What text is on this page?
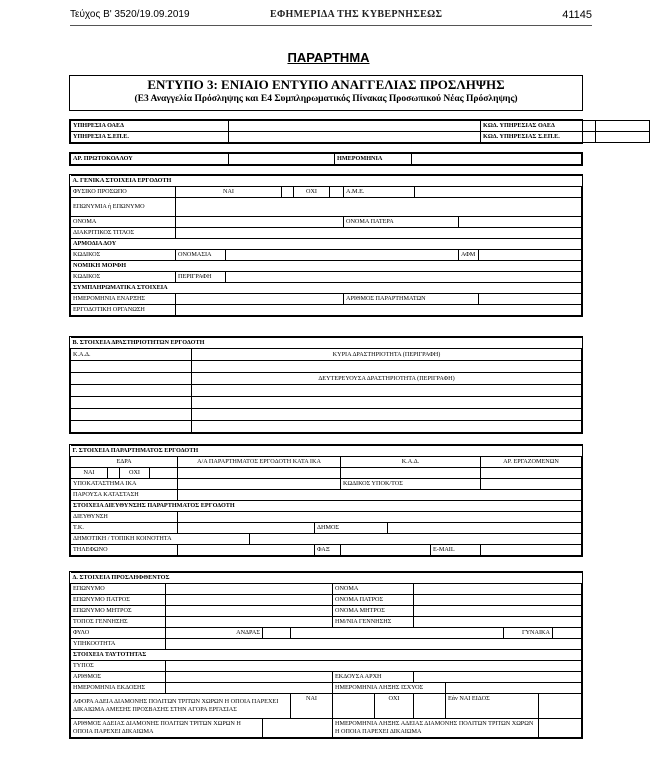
Τεύχος Β' 3520/19.09.2019	ΕΦΗΜΕΡΙΔΑ ΤΗΣ ΚΥΒΕΡΝΗΣΕΩΣ	41145
ΠΑΡΑΡΤΗΜΑ
ΕΝΤΥΠΟ 3: ΕΝΙΑΙΟ ΕΝΤΥΠΟ ΑΝΑΓΓΕΛΙΑΣ ΠΡΟΣΛΗΨΗΣ
(Ε3 Αναγγελία Πρόσληψης και Ε4 Συμπληρωματικός Πίνακας Προσωπικού Νέας Πρόσληψης)
ΥΠΗΡΕΣΙΑ ΟΑΕΔ		ΚΩΔ. ΥΠΗΡΕΣΙΑΣ ΟΑΕΔ	
ΥΠΗΡΕΣΙΑ Σ.ΕΠ.Ε.		ΚΩΔ. ΥΠΗΡΕΣΙΑΣ Σ.ΕΠ.Ε.	
ΑΡ. ΠΡΩΤΟΚΟΛΛΟΥ		ΗΜΕΡΟΜΗΝΙΑ	
Α. ΓΕΝΙΚΑ ΣΤΟΙΧΕΙΑ ΕΡΓΟΔΟΤΗ									
ΦΥΣΙΚΟ ΠΡΟΣΩΠΟ	ΝΑΙ			ΟΧΙ		Α.Μ.Ε.			
ΕΠΩΝΥΜΙΑ ή ΕΠΩΝΥΜΟ									
ΟΝΟΜΑ						ΟΝΟΜΑ ΠΑΤΕΡΑ			
ΔΙΑΚΡΙΤΙΚΟΣ ΤΙΤΛΟΣ									
ΑΡΜΟΔΙΑ ΔΟΥ									
ΚΩΔΙΚΟΣ	ΟΝΟΜΑΣΙΑ							ΑΦΜ	
ΝΟΜΙΚΗ ΜΟΡΦΗ									
ΚΩΔΙΚΟΣ	ΠΕΡΙΓΡΑΦΗ								
ΣΥΜΠΛΗΡΩΜΑΤΙΚΑ ΣΤΟΙΧΕΙΑ									
ΗΜΕΡΟΜΗΝΙΑ ΕΝΑΡΞΗΣ						ΑΡΙΘΜΟΣ ΠΑΡΑΡΤΗΜΑΤΩΝ			
ΕΡΓΟΔΟΤΙΚΗ ΟΡΓΑΝΩΣΗ									
Β. ΣΤΟΙΧΕΙΑ ΔΡΑΣΤΗΡΙΟΤΗΤΩΝ ΕΡΓΟΔΟΤΗ	
Κ.Α.Δ.	ΚΥΡΙΑ ΔΡΑΣΤΗΡΙΟΤΗΤΑ (ΠΕΡΙΓΡΑΦΗ)

	ΔΕΥΤΕΡΕΥΟΥΣΑ ΔΡΑΣΤΗΡΙΟΤΗΤΑ (ΠΕΡΙΓΡΑΦΗ)

Γ. ΣΤΟΙΧΕΙΑ ΠΑΡΑΡΤΗΜΑΤΟΣ ΕΡΓΟΔΟΤΗ										
ΕΔΡΑ				Α/Α ΠΑΡΑΡΤΗΜΑΤΟΣ ΕΡΓΟΔΟΤΗ ΚΑΤΑ ΙΚΑ			Κ.Α.Δ.			ΑΡ. ΕΡΓΑΖΟΜΕΝΩΝ
ΝΑΙ		ΟΧΙ								
ΥΠΟΚΑΤΑΣΤΗΜΑ ΙΚΑ							ΚΩΔΙΚΟΣ ΥΠΟΚ/ΤΟΣ			
ΠΑΡΟΥΣΑ ΚΑΤΑΣΤΑΣΗ										
ΣΤΟΙΧΕΙΑ ΔΙΕΥΘΥΝΣΗΣ ΠΑΡΑΡΤΗΜΑΤΟΣ ΕΡΓΟΔΟΤΗ										
ΔΙΕΥΘΥΝΣΗ										
Τ.Κ.						ΔΗΜΟΣ				
ΔΗΜΟΤΙΚΗ / ΤΟΠΙΚΗ ΚΟΙΝΟΤΗΤΑ										
ΤΗΛΕΦΩΝΟ						ΦΑΞ			E-MAIL	
Δ. ΣΤΟΙΧΕΙΑ ΠΡΟΣΛΗΦΘΕΝΤΟΣ										
ΕΠΩΝΥΜΟ				ΟΝΟΜΑ						
ΕΠΩΝΥΜΟ ΠΑΤΡΟΣ				ΟΝΟΜΑ ΠΑΤΡΟΣ						
ΕΠΩΝΥΜΟ ΜΗΤΡΟΣ				ΟΝΟΜΑ ΜΗΤΡΟΣ						
ΤΟΠΟΣ ΓΕΝΝΗΣΗΣ				ΗΜ/ΝΙΑ ΓΕΝΝΗΣΗΣ						
ΦΥΛΟ	ΑΝΔΡΑΣ							ΓΥΝΑΙΚΑ		
ΥΠΗΚΟΟΤΗΤΑ										
ΣΤΟΙΧΕΙΑ ΤΑΥΤΟΤΗΤΑΣ										
ΤΥΠΟΣ										
ΑΡΙΘΜΟΣ				ΕΚΔΟΥΣΑ ΑΡΧΗ						
ΗΜΕΡΟΜΗΝΙΑ ΕΚΔΟΣΗΣ				ΗΜΕΡΟΜΗΝΙΑ ΛΗΞΗΣ ΙΣΧΥΟΣ						
ΑΦΟΡΑ ΑΔΕΙΑ ΔΙΑΜΟΝΗΣ ΠΟΛΙΤΩΝ ΤΡΙΤΩΝ ΧΩΡΩΝ Η ΟΠΟΙΑ ΠΑΡΕΧΕΙ ΔΙΚΑΙΩΜΑ ΑΜΕΣΗΣ ΠΡΟΣΒΑΣΗΣ ΣΤΗΝ ΑΓΟΡΑ ΕΡΓΑΣΙΑΣ			ΝΑΙ		ΟΧΙ		Εάν ΝΑΙ ΕΙΔΟΣ			
ΑΡΙΘΜΟΣ ΑΔΕΙΑΣ ΔΙΑΜΟΝΗΣ ΠΟΛΙΤΩΝ ΤΡΙΤΩΝ ΧΩΡΩΝ Η ΟΠΟΙΑ ΠΑΡΕΧΕΙ ΔΙΚΑΙΩΜΑ				ΗΜΕΡΟΜΗΝΙΑ ΛΗΞΗΣ ΑΔΕΙΑΣ ΔΙΑΜΟΝΗΣ ΠΟΛΙΤΩΝ ΤΡΙΤΩΝ ΧΩΡΩΝ Η ΟΠΟΙΑ ΠΑΡΕΧΕΙ ΔΙΚΑΙΩΜΑ						
